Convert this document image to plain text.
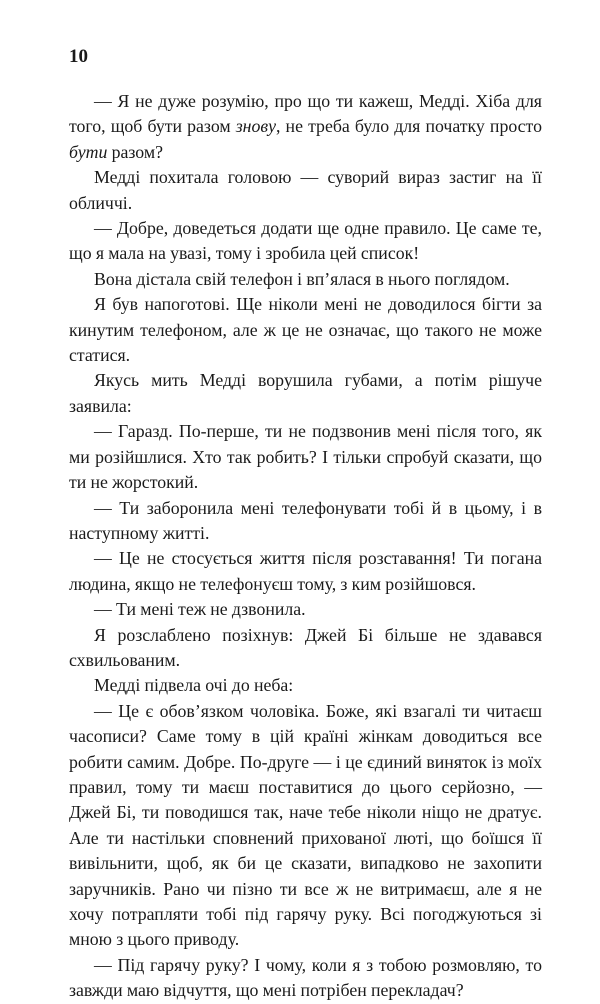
10

— Я не дуже розумію, про що ти кажеш, Медді. Хіба для того, щоб бути разом знову, не треба було для початку просто бути разом?

Медді похитала головою — суворий вираз застиг на її обличчі.

— Добре, доведеться додати ще одне правило. Це саме те, що я мала на увазі, тому і зробила цей список!

Вона дістала свій телефон і вп’ялася в нього поглядом.

Я був напоготові. Ще ніколи мені не доводилося бігти за кинутим телефоном, але ж це не означає, що такого не може статися.

Якусь мить Медді ворушила губами, а потім рішуче заявила:

— Гаразд. По-перше, ти не подзвонив мені після того, як ми розійшлися. Хто так робить? І тільки спробуй сказати, що ти не жорстокий.

— Ти заборонила мені телефонувати тобі й в цьому, і в наступному житті.

— Це не стосується життя після розставання! Ти погана людина, якщо не телефонуєш тому, з ким розійшовся.

— Ти мені теж не дзвонила.

Я розслаблено позіхнув: Джей Бі більше не здавався схвильованим.

Медді підвела очі до неба:

— Це є обов’язком чоловіка. Боже, які взагалі ти читаєш часописи? Саме тому в цій країні жінкам доводиться все робити самим. Добре. По-друге — і це єдиний виняток із моїх правил, тому ти маєш поставитися до цього серйозно, — Джей Бі, ти поводишся так, наче тебе ніколи ніщо не дратує. Але ти настільки сповнений прихованої люті, що боїшся її вивільнити, щоб, як би це сказати, випадково не захопити заручників. Рано чи пізно ти все ж не витримаєш, але я не хочу потрапляти тобі під гарячу руку. Всі погоджуються зі мною з цього приводу.

— Під гарячу руку? І чому, коли я з тобою розмовляю, то завжди маю відчуття, що мені потрібен перекладач?
